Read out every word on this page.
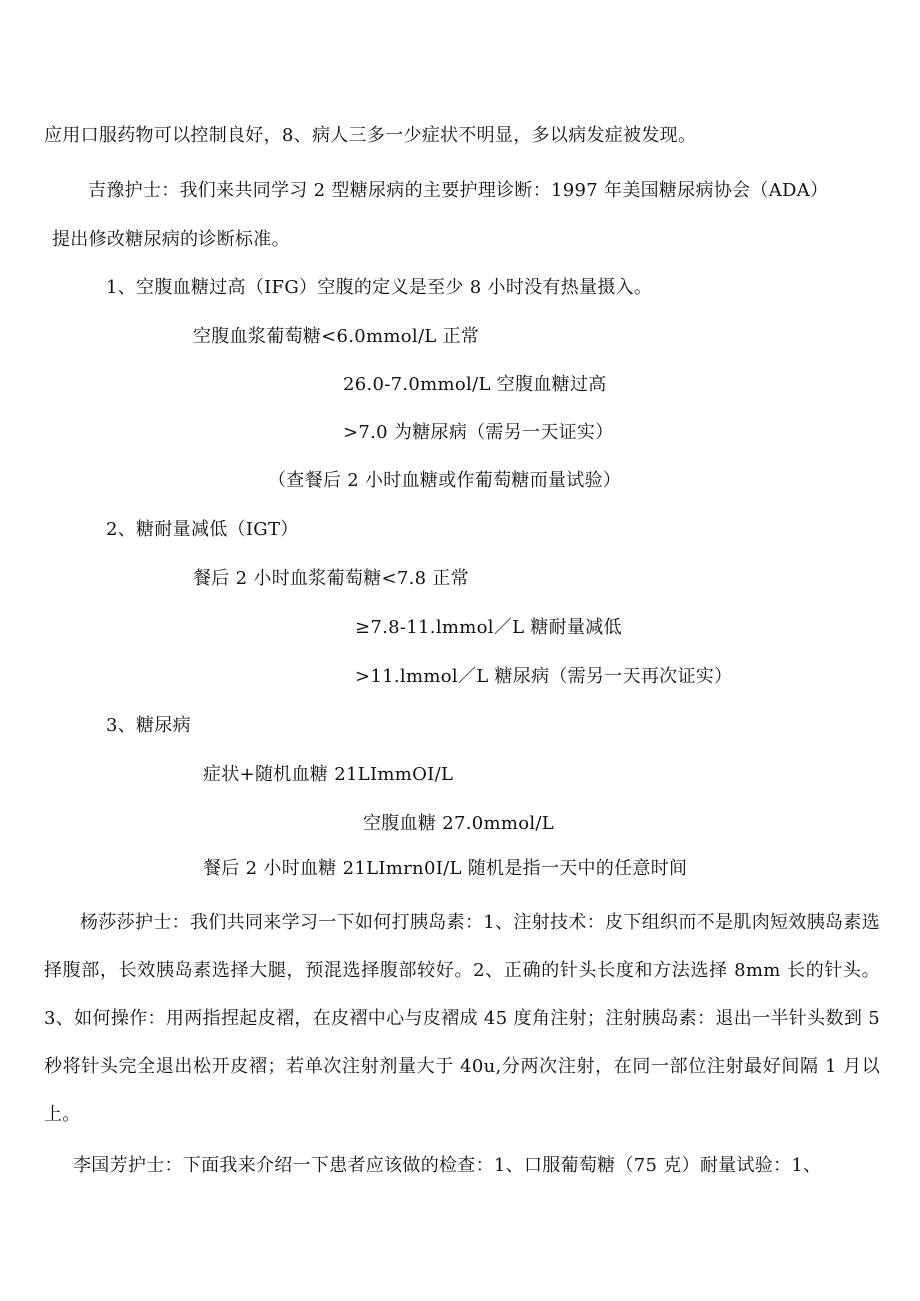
应用口服药物可以控制良好，8、病人三多一少症状不明显，多以病发症被发现。
吉豫护士：我们来共同学习 2 型糖尿病的主要护理诊断：1997 年美国糖尿病协会（ADA）
提出修改糖尿病的诊断标准。
1、空腹血糖过高（IFG）空腹的定义是至少 8 小时没有热量摄入。
空腹血浆葡萄糖<6.0mmol/L 正常
26.0-7.0mmol/L 空腹血糖过高
>7.0 为糖尿病（需另一天证实）
（查餐后 2 小时血糖或作葡萄糖而量试验）
2、糖耐量减低（IGT）
餐后 2 小时血浆葡萄糖<7.8 正常
≥7.8-11.lmmol／L 糖耐量减低
>11.lmmol／L 糖尿病（需另一天再次证实）
3、糖尿病
症状+随机血糖 21LImmOI/L
空腹血糖 27.0mmol/L
餐后 2 小时血糖 21LImrn0I/L 随机是指一天中的任意时间
杨莎莎护士：我们共同来学习一下如何打胰岛素：1、注射技术：皮下组织而不是肌肉短效胰岛素选择腹部，长效胰岛素选择大腿，预混选择腹部较好。2、正确的针头长度和方法选择 8mm 长的针头。3、如何操作：用两指捏起皮褶，在皮褶中心与皮褶成 45 度角注射；注射胰岛素：退出一半针头数到 5 秒将针头完全退出松开皮褶；若单次注射剂量大于 40u,分两次注射，在同一部位注射最好间隔 1 月以上。
李国芳护士：下面我来介绍一下患者应该做的检查：1、口服葡萄糖（75 克）耐量试验：1、
